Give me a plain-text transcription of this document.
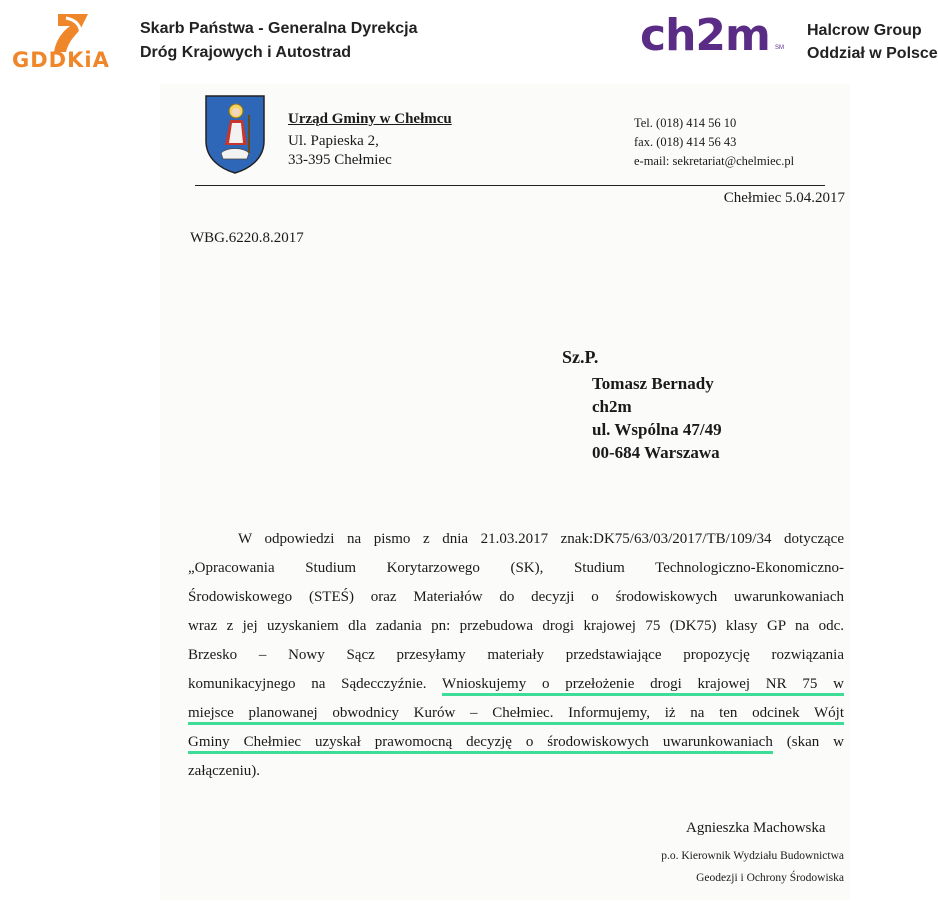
GDDKiA
Skarb Państwa - Generalna Dyrekcja
Dróg Krajowych i Autostrad	ch2m SM
Halcrow Group
Oddział w Polsce
Urząd Gminy w Chełmcu
Ul. Papieska 2,
33-395 Chełmiec
Tel. (018) 414 56 10
fax. (018) 414 56 43
e-mail: sekretariat@chelmiec.pl
Chełmiec 5.04.2017
WBG.6220.8.2017
Sz.P.
Tomasz Bernady
ch2m
ul. Wspólna 47/49
00-684 Warszawa
W odpowiedzi na pismo z dnia 21.03.2017 znak:DK75/63/03/2017/TB/109/34 dotyczące
„Opracowania Studium Korytarzowego (SK), Studium Technologiczno-Ekonomiczno-
Środowiskowego (STEŚ) oraz Materiałów do decyzji o środowiskowych uwarunkowaniach
wraz z jej uzyskaniem dla zadania pn: przebudowa drogi krajowej 75 (DK75) klasy GP na odc.
Brzesko – Nowy Sącz przesyłamy materiały przedstawiające propozycję rozwiązania
komunikacyjnego na Sądecczyźnie. Wnioskujemy o przełożenie drogi krajowej NR 75 w
miejsce planowanej obwodnicy Kurów – Chełmiec. Informujemy, iż na ten odcinek Wójt
Gminy Chełmiec uzyskał prawomocną decyzję o środowiskowych uwarunkowaniach (skan w
załączeniu).
Agnieszka Machowska
p.o. Kierownik Wydziału Budownictwa
Geodezji i Ochrony Środowiska
